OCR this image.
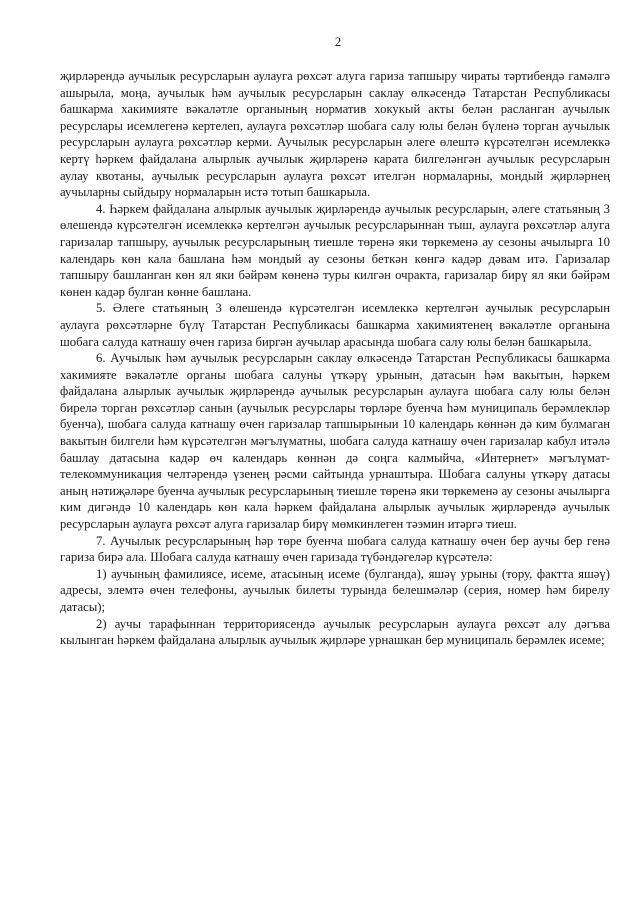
2

җирләрендә аучылык ресурсларын аулауга рөхсәт алуга гариза тапшыру чираты тәртибендә гамәлгә ашырыла, моңа, аучылык һәм аучылык ресурсларын саклау өлкәсендә Татарстан Республикасы башкарма хакимияте вәкаләтле органының норматив хокукый акты белән расланган аучылык ресурслары исемлегенә кертелеп, аулауга рөхсәтләр шобага салу юлы белән бүленә торган аучылык ресурсларын аулауга рөхсәтләр керми. Аучылык ресурсларын әлеге өлештә күрсәтелгән исемлеккә кертү һәркем файдалана алырлык аучылык җирләренә карата билгеләнгән аучылык ресурсларын аулау квотаны, аучылык ресурсларын аулауга рөхсәт ителгән нормаларны, мондый җирләрнең аучыларны сыйдыру нормаларын истә тотып башкарыла.

4. Һәркем файдалана алырлык аучылык җирләрендә аучылык ресурсларын, әлеге статьяның 3 өлешендә күрсәтелгән исемлеккә кертелгән аучылык ресурсларыннан тыш, аулауга рөхсәтләр алуга гаризалар тапшыру, аучылык ресурсларының тиешле төренә яки төркеменә ау сезоны ачылырга 10 календарь көн кала башлана һәм мондый ау сезоны беткән көнгә кадәр дәвам итә. Гаризалар тапшыру башланган көн ял яки бәйрәм көненә туры килгән очракта, гаризалар бирү ял яки бәйрәм көнен кадәр булган көнне башлана.

5. Әлеге статьяның 3 өлешендә күрсәтелгән исемлеккә кертелгән аучылык ресурсларын аулауга рөхсәтләрне бүлү Татарстан Республикасы башкарма хакимиятенең вәкаләтле органына шобага салуда катнашу өчен гариза биргән аучылар арасында шобага салу юлы белән башкарыла.

6. Аучылык һәм аучылык ресурсларын саклау өлкәсендә Татарстан Республикасы башкарма хакимияте вәкаләтле органы шобага салуны үткәрү урынын, датасын һәм вакытын, һәркем файдалана алырлык аучылык җирләрендә аучылык ресурсларын аулауга шобага салу юлы белән бирелә торган рөхсәтләр санын (аучылык ресурслары төрләре буенча һәм муниципаль берәмлекләр буенча), шобага салуда катнашу өчен гаризалар тапшырыныи 10 календарь көннән дә ким булмаган вакытын билгели һәм күрсәтелгән мәгълүматны, шобага салуда катнашу өчен гаризалар кабул итәлә башлау датасына кадәр өч календарь көннән дә соңга калмыйча, «Интернет» мәгълүмат-телекоммуникация челтәрендә үзенең рәсми сайтында урнаштыра. Шобага салуны үткәрү датасы аның нәтиҗәләре буенча аучылык ресурсларының тиешле төренә яки төркеменә ау сезоны ачылырга ким дигәндә 10 календарь көн кала һәркем файдалана алырлык аучылык җирләрендә аучылык ресурсларын аулауга рөхсәт алуга гаризалар бирү мөмкинлеген тәэмин итәргә тиеш.

7. Аучылык ресурсларының һәр төре буенча шобага салуда катнашу өчен бер аучы бер генә гариза бирә ала. Шобага салуда катнашу өчен гаризада түбәндәгеләр күрсәтелә:

1) аучының фамилиясе, исеме, атасының исеме (булганда), яшәү урыны (тору, фактта яшәү) адресы, элемтә өчен телефоны, аучылык билеты турында белешмәләр (серия, номер һәм бирелу датасы);

2) аучы тарафыннан территориясендә аучылык ресурсларын аулауга рөхсәт алу дәгъва кылынган һәркем файдалана алырлык аучылык җирләре урнашкан бер муниципаль берәмлек исеме;
